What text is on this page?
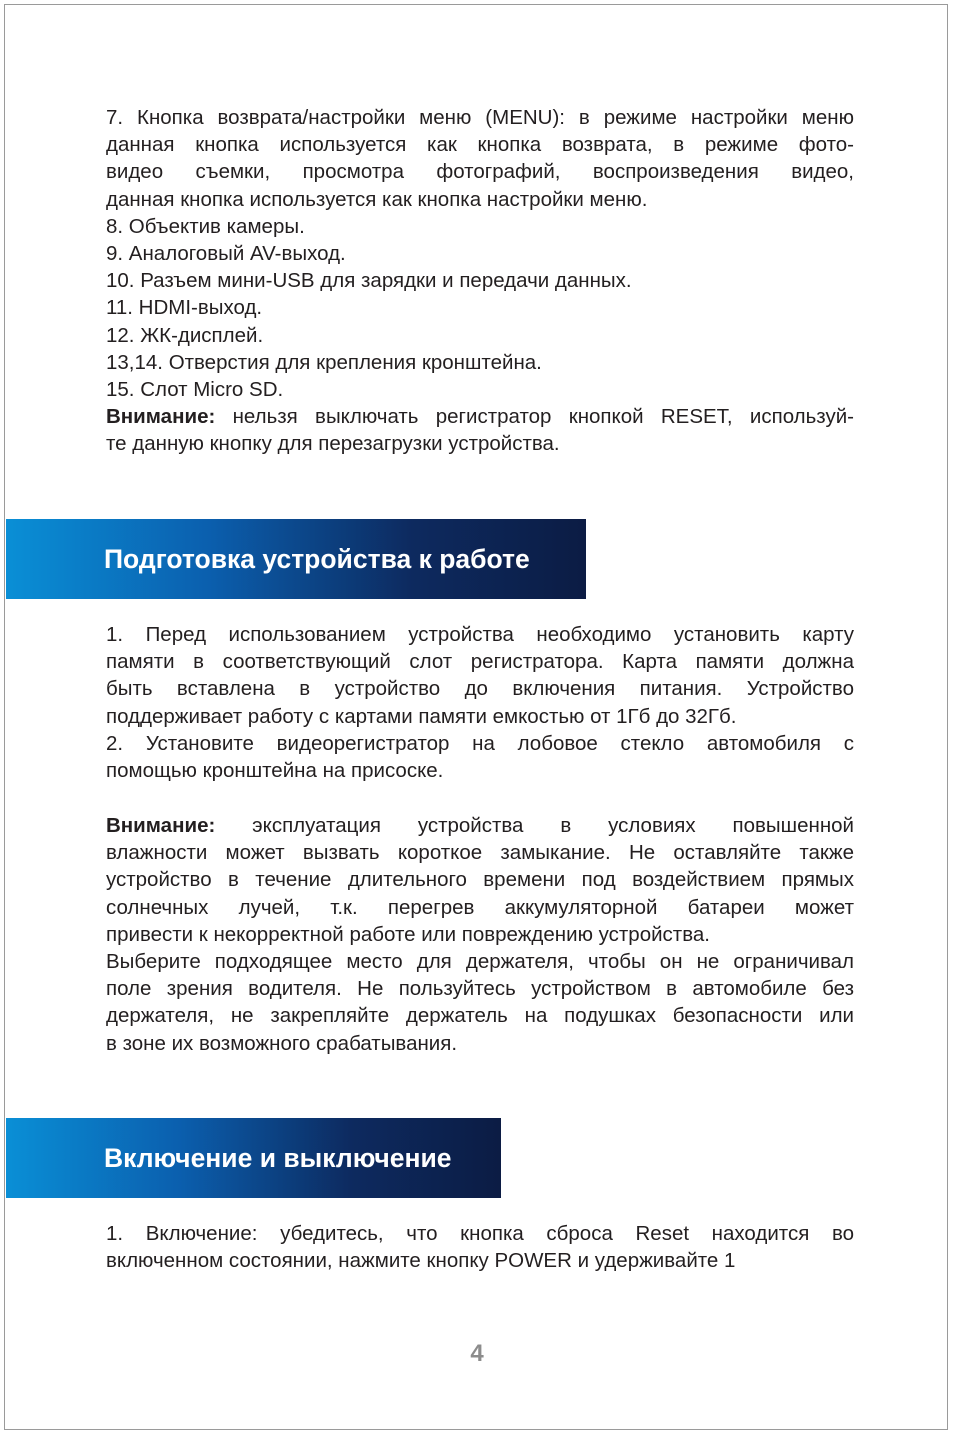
7. Кнопка возврата/настройки меню (MENU): в режиме настройки меню

данная кнопка используется как кнопка возврата, в режиме фото-

видео съемки, просмотра фотографий, воспроизведения видео,

данная кнопка используется как кнопка настройки меню.

8. Объектив камеры.

9. Аналоговый AV-выход.

10. Разъем мини-USB для зарядки и передачи данных.

11. HDMI-выход.

12. ЖК-дисплей.

13,14. Отверстия для крепления кронштейна.

15. Слот Micro SD.

Внимание: нельзя выключать регистратор кнопкой RESET, используй-

те данную кнопку для перезагрузки устройства.

Подготовка устройства к работе

1. Перед использованием устройства необходимо установить карту

памяти в соответствующий слот регистратора. Карта памяти должна

быть вставлена в устройство до включения питания. Устройство

поддерживает работу с картами памяти емкостью от 1Гб до 32Гб.

2. Установите видеорегистратор на лобовое стекло автомобиля с

помощью кронштейна на присоске.

Внимание: эксплуатация устройства в условиях повышенной

влажности может вызвать короткое замыкание. Не оставляйте также

устройство в течение длительного времени под воздействием прямых

солнечных лучей, т.к. перегрев аккумуляторной батареи может

привести к некорректной работе или повреждению устройства.

Выберите подходящее место для держателя, чтобы он не ограничивал

поле зрения водителя. Не пользуйтесь устройством в автомобиле без

держателя, не закрепляйте держатель на подушках безопасности или

в зоне их возможного срабатывания.

Включение и выключение

1. Включение: убедитесь, что кнопка сброса Reset находится во

включенном состоянии, нажмите кнопку POWER и удерживайте 1

4
